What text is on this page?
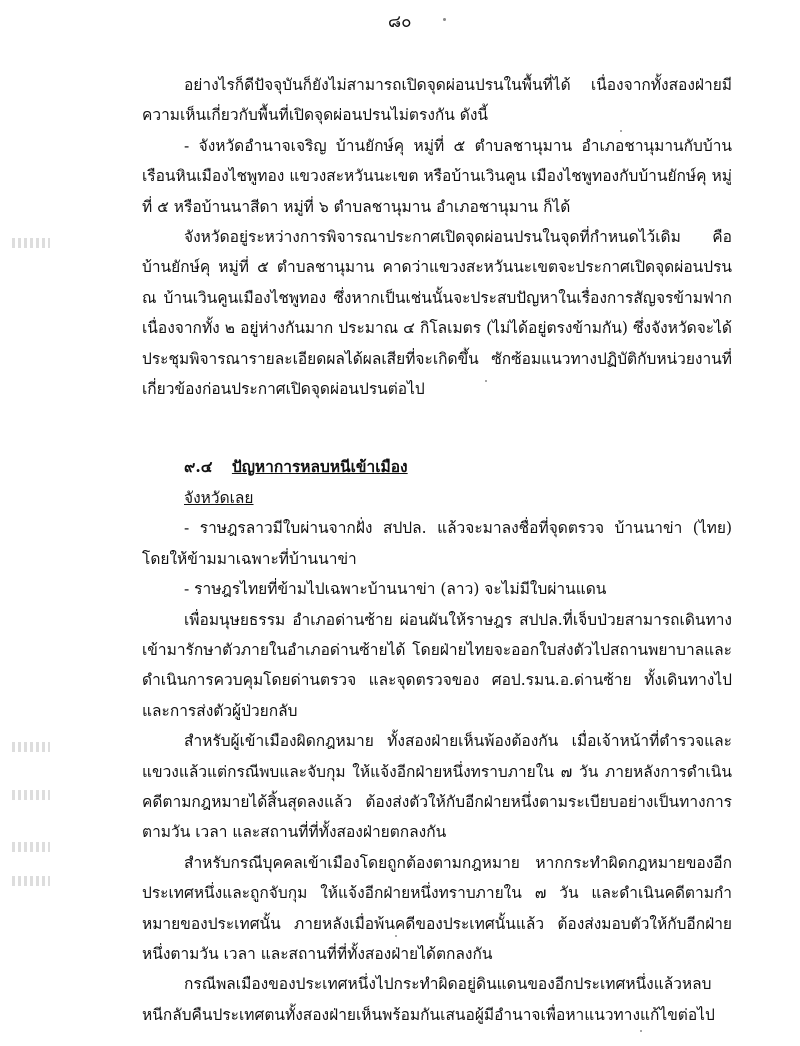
๘๐

อย่างไรก็ดีปัจจุบันก็ยังไม่สามารถเปิดจุดผ่อนปรนในพื้นที่ได้ เนื่องจากทั้งสองฝ่ายมีความเห็นเกี่ยวกับพื้นที่เปิดจุดผ่อนปรนไม่ตรงกัน ดังนี้

- จังหวัดอำนาจเจริญ บ้านยักษ์คุ หมู่ที่ ๕ ตำบลชานุมาน อำเภอชานุมานกับบ้านเรือนหินเมืองไชพูทอง แขวงสะหวันนะเขต หรือบ้านเวินคูน เมืองไชพูทองกับบ้านยักษ์คุ หมู่ที่ ๕ หรือบ้านนาสีดา หมู่ที่ ๖ ตำบลชานุมาน อำเภอชานุมาน ก็ได้

จังหวัดอยู่ระหว่างการพิจารณาประกาศเปิดจุดผ่อนปรนในจุดที่กำหนดไว้เดิม คือบ้านยักษ์คุ หมู่ที่ ๕ ตำบลชานุมาน คาดว่าแขวงสะหวันนะเขตจะประกาศเปิดจุดผ่อนปรน ณ บ้านเวินคูนเมืองไชพูทอง ซึ่งหากเป็นเช่นนั้นจะประสบปัญหาในเรื่องการสัญจรข้ามฟาก เนื่องจากทั้ง ๒ อยู่ห่างกันมาก ประมาณ ๔ กิโลเมตร (ไม่ได้อยู่ตรงข้ามกัน) ซึ่งจังหวัดจะได้ประชุมพิจารณารายละเอียดผลได้ผลเสียที่จะเกิดขึ้น ซักซ้อมแนวทางปฏิบัติกับหน่วยงานที่เกี่ยวข้องก่อนประกาศเปิดจุดผ่อนปรนต่อไป

๙.๔ ปัญหาการหลบหนีเข้าเมือง

จังหวัดเลย

- ราษฎรลาวมีใบผ่านจากฝั่ง สปปล. แล้วจะมาลงชื่อที่จุดตรวจ บ้านนาข่า (ไทย) โดยให้ข้ามมาเฉพาะที่บ้านนาข่า

- ราษฎรไทยที่ข้ามไปเฉพาะบ้านนาข่า (ลาว) จะไม่มีใบผ่านแดน

เพื่อมนุษยธรรม อำเภอด่านซ้าย ผ่อนผันให้ราษฎร สปปล.ที่เจ็บป่วยสามารถเดินทางเข้ามารักษาตัวภายในอำเภอด่านซ้ายได้ โดยฝ่ายไทยจะออกใบส่งตัวไปสถานพยาบาลและดำเนินการควบคุมโดยด่านตรวจ และจุดตรวจของ ศอป.รมน.อ.ด่านซ้าย ทั้งเดินทางไปและการส่งตัวผู้ป่วยกลับ

สำหรับผู้เข้าเมืองผิดกฎหมาย ทั้งสองฝ่ายเห็นพ้องต้องกัน เมื่อเจ้าหน้าที่ตำรวจและแขวงแล้วแต่กรณีพบและจับกุม ให้แจ้งอีกฝ่ายหนึ่งทราบภายใน ๗ วัน ภายหลังการดำเนินคดีตามกฎหมายได้สิ้นสุดลงแล้ว ต้องส่งตัวให้กับอีกฝ่ายหนึ่งตามระเบียบอย่างเป็นทางการ ตามวัน เวลา และสถานที่ที่ทั้งสองฝ่ายตกลงกัน

สำหรับกรณีบุคคลเข้าเมืองโดยถูกต้องตามกฎหมาย หากกระทำผิดกฎหมายของอีกประเทศหนึ่งและถูกจับกุม ให้แจ้งอีกฝ่ายหนึ่งทราบภายใน ๗ วัน และดำเนินคดีตามกำหมายของประเทศนั้น ภายหลังเมื่อพ้นคดีของประเทศนั้นแล้ว ต้องส่งมอบตัวให้กับอีกฝ่ายหนึ่งตามวัน เวลา และสถานที่ที่ทั้งสองฝ่ายได้ตกลงกัน

กรณีพลเมืองของประเทศหนึ่งไปกระทำผิดอยู่ดินแดนของอีกประเทศหนึ่งแล้วหลบหนีกลับคืนประเทศตนทั้งสองฝ่ายเห็นพร้อมกันเสนอผู้มีอำนาจเพื่อหาแนวทางแก้ไขต่อไป
